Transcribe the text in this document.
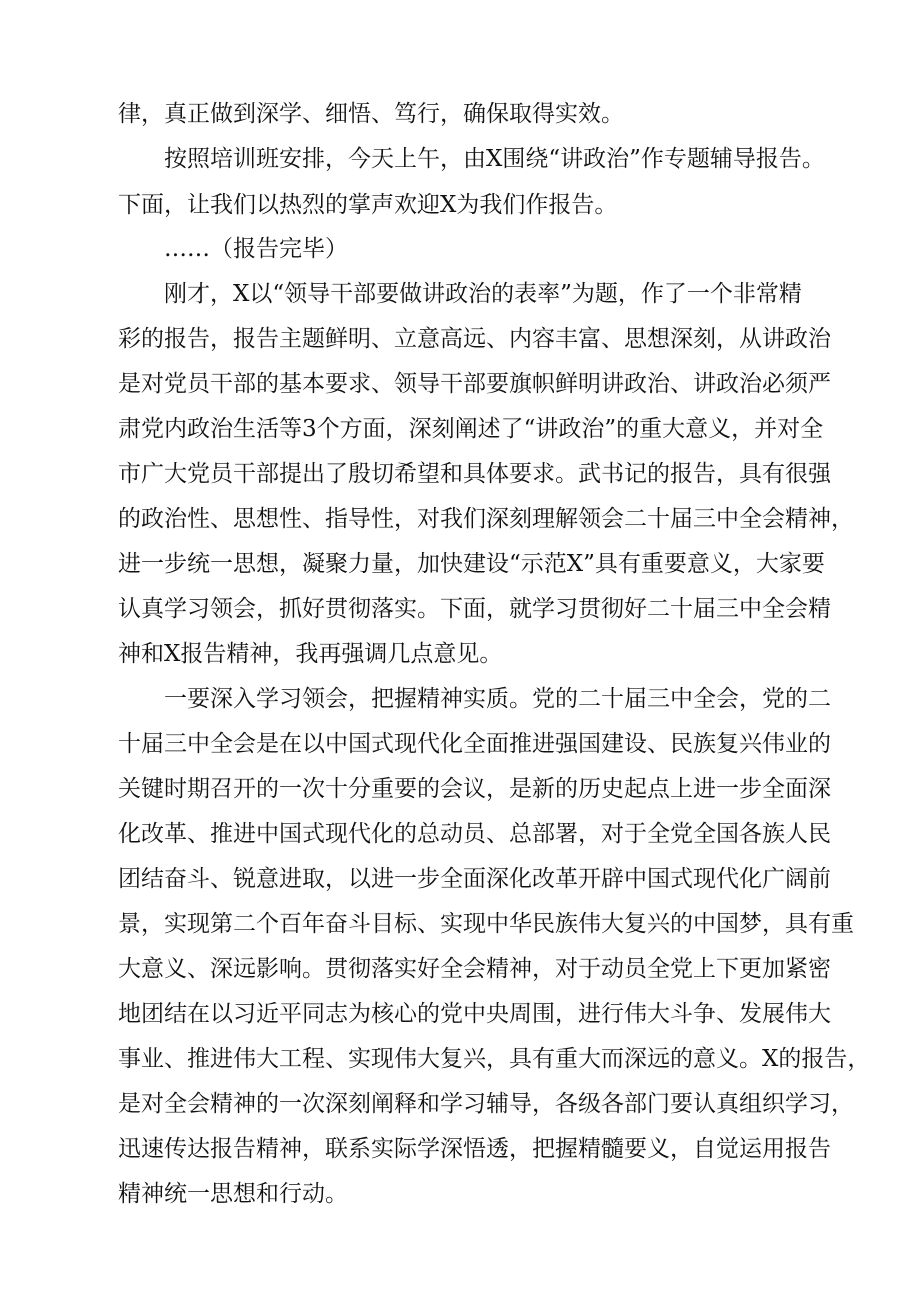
律，真正做到深学、细悟、笃行，确保取得实效。
按照培训班安排，今天上午，由X围绕“讲政治”作专题辅导报告。
下面，让我们以热烈的掌声欢迎X为我们作报告。
……（报告完毕）
刚才，X以“领导干部要做讲政治的表率”为题，作了一个非常精
彩的报告，报告主题鲜明、立意高远、内容丰富、思想深刻，从讲政治
是对党员干部的基本要求、领导干部要旗帜鲜明讲政治、讲政治必须严
肃党内政治生活等3个方面，深刻阐述了“讲政治”的重大意义，并对全
市广大党员干部提出了殷切希望和具体要求。武书记的报告，具有很强
的政治性、思想性、指导性，对我们深刻理解领会二十届三中全会精神，
进一步统一思想，凝聚力量，加快建设“示范X”具有重要意义，大家要
认真学习领会，抓好贯彻落实。下面，就学习贯彻好二十届三中全会精
神和X报告精神，我再强调几点意见。
一要深入学习领会，把握精神实质。党的二十届三中全会，党的二
十届三中全会是在以中国式现代化全面推进强国建设、民族复兴伟业的
关键时期召开的一次十分重要的会议，是新的历史起点上进一步全面深
化改革、推进中国式现代化的总动员、总部署，对于全党全国各族人民
团结奋斗、锐意进取，以进一步全面深化改革开辟中国式现代化广阔前
景，实现第二个百年奋斗目标、实现中华民族伟大复兴的中国梦，具有重
大意义、深远影响。贯彻落实好全会精神，对于动员全党上下更加紧密
地团结在以习近平同志为核心的党中央周围，进行伟大斗争、发展伟大
事业、推进伟大工程、实现伟大复兴，具有重大而深远的意义。X的报告，
是对全会精神的一次深刻阐释和学习辅导，各级各部门要认真组织学习，
迅速传达报告精神，联系实际学深悟透，把握精髓要义，自觉运用报告
精神统一思想和行动。
